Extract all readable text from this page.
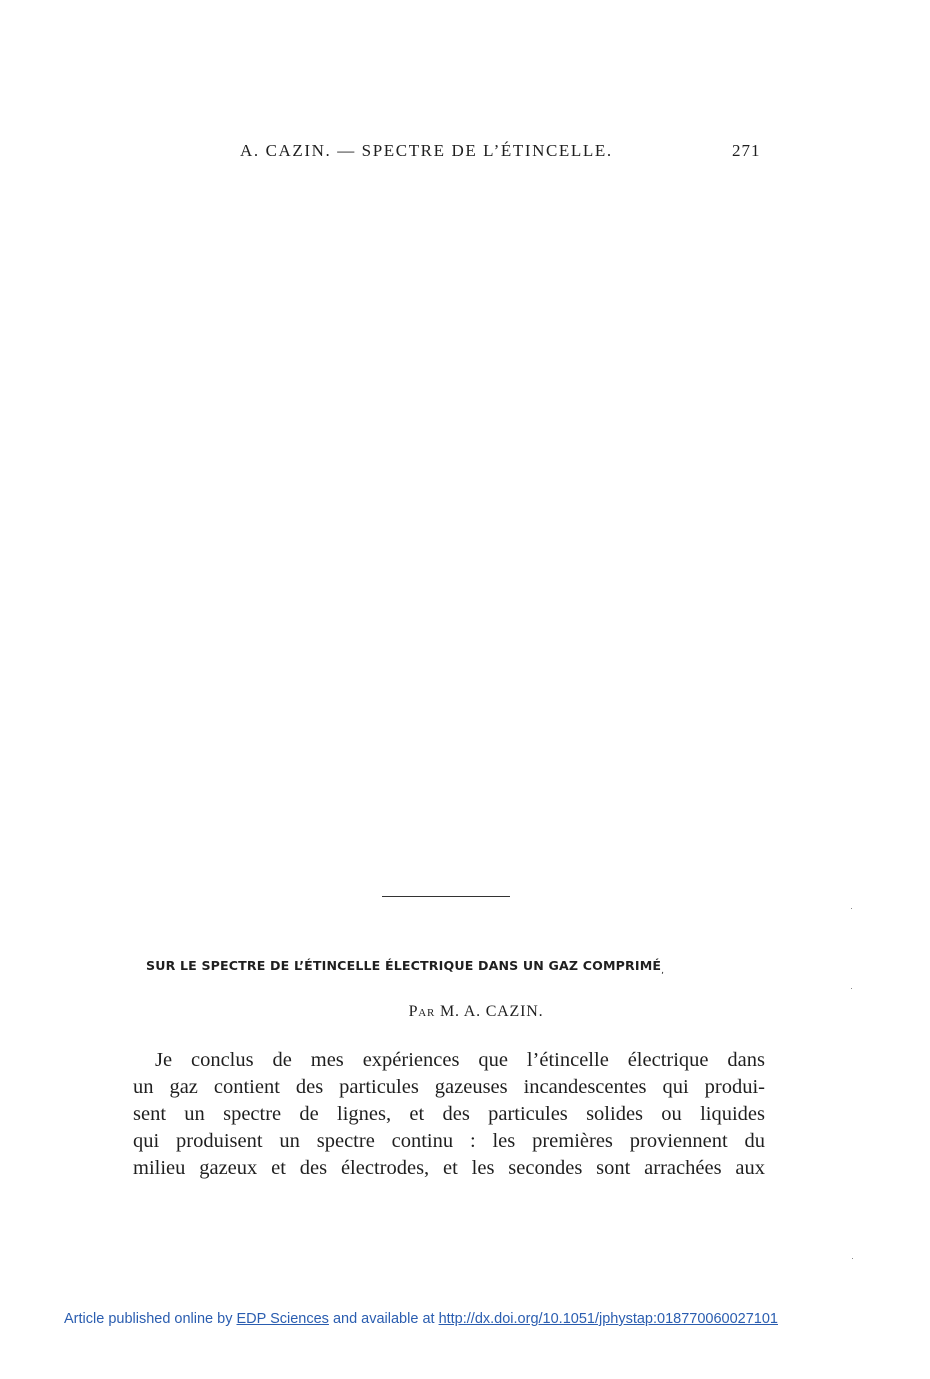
A. CAZIN. — SPECTRE DE L’ÉTINCELLE.	271
SUR LE SPECTRE DE L’ÉTINCELLE ÉLECTRIQUE DANS UN GAZ $COMPRIMÉ_,$
Par M. A. CAZIN.
Je conclus de mes expériences que l’étincelle électrique dans
un gaz contient des particules gazeuses incandescentes qui produi-
sent un spectre de lignes, et des particules solides ou liquides
qui produisent un spectre continu : les premières proviennent du
milieu gazeux et des électrodes, et les secondes sont arrachées aux
Article published online by EDP Sciences and available at http://dx.doi.org/10.1051/jphystap:018770060027101
